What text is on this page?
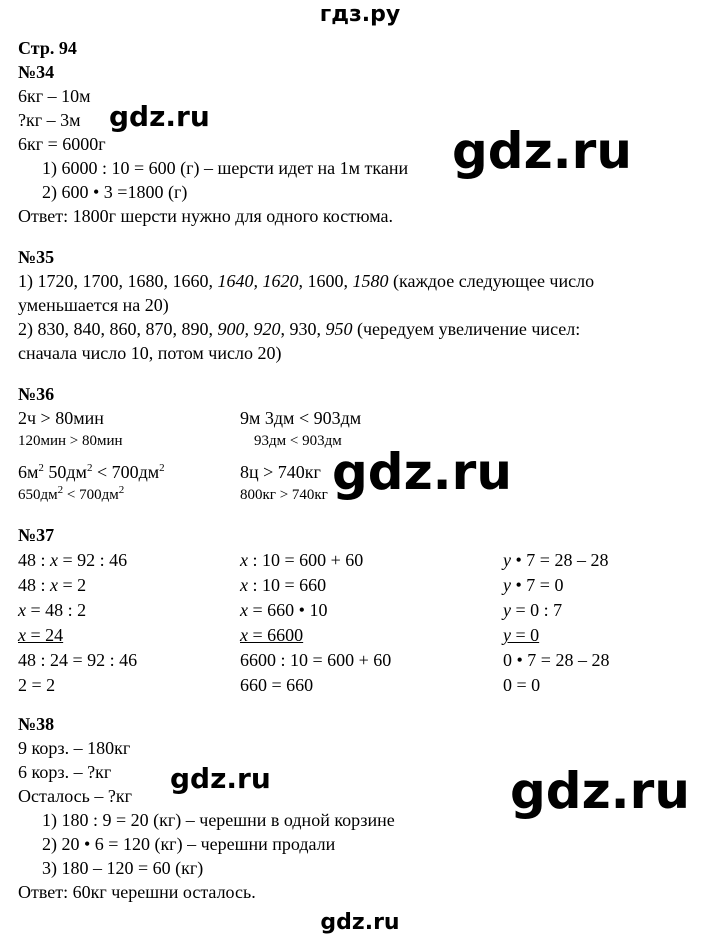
гдз.ру
Стр. 94
№34
6кг – 10м
?кг – 3м
6кг = 6000г
1) 6000 : 10 = 600 (г) – шерсти идет на 1м ткани
2) 600 • 3 =1800 (г)
Ответ: 1800г шерсти нужно для одного костюма.
№35
1) 1720, 1700, 1680, 1660, 1640, 1620, 1600, 1580 (каждое следующее число
уменьшается на 20)
2) 830, 840, 860, 870, 890, 900, 920, 930, 950 (чередуем увеличение чисел:
сначала число 10, потом число 20)
№36
2ч > 80мин
120мин > 80мин
9м 3дм < 903дм
93дм < 903дм
$6м^2$ $50дм^2 < 700дм^2$
$650дм^2 < 700дм^2$
8ц > 740кг
800кг > 740кг
№37
48 : x = 92 : 46
48 : x = 2
x = 48 : 2
x = 24
48 : 24 = 92 : 46
2 = 2
x : 10 = 600 + 60
x : 10 = 660
x = 660 • 10
x = 6600
6600 : 10 = 600 + 60
660 = 660
y • 7 = 28 – 28
y • 7 = 0
y = 0 : 7
y = 0
0 • 7 = 28 – 28
0 = 0
№38
9 корз. – 180кг
6 корз. – ?кг
Осталось – ?кг
1) 180 : 9 = 20 (кг) – черешни в одной корзине
2) 20 • 6 = 120 (кг) – черешни продали
3) 180 – 120 = 60 (кг)
Ответ: 60кг черешни осталось.
gdz.ru
gdz.ru
gdz.ru
gdz.ru	gdz.ru
gdz.ru
